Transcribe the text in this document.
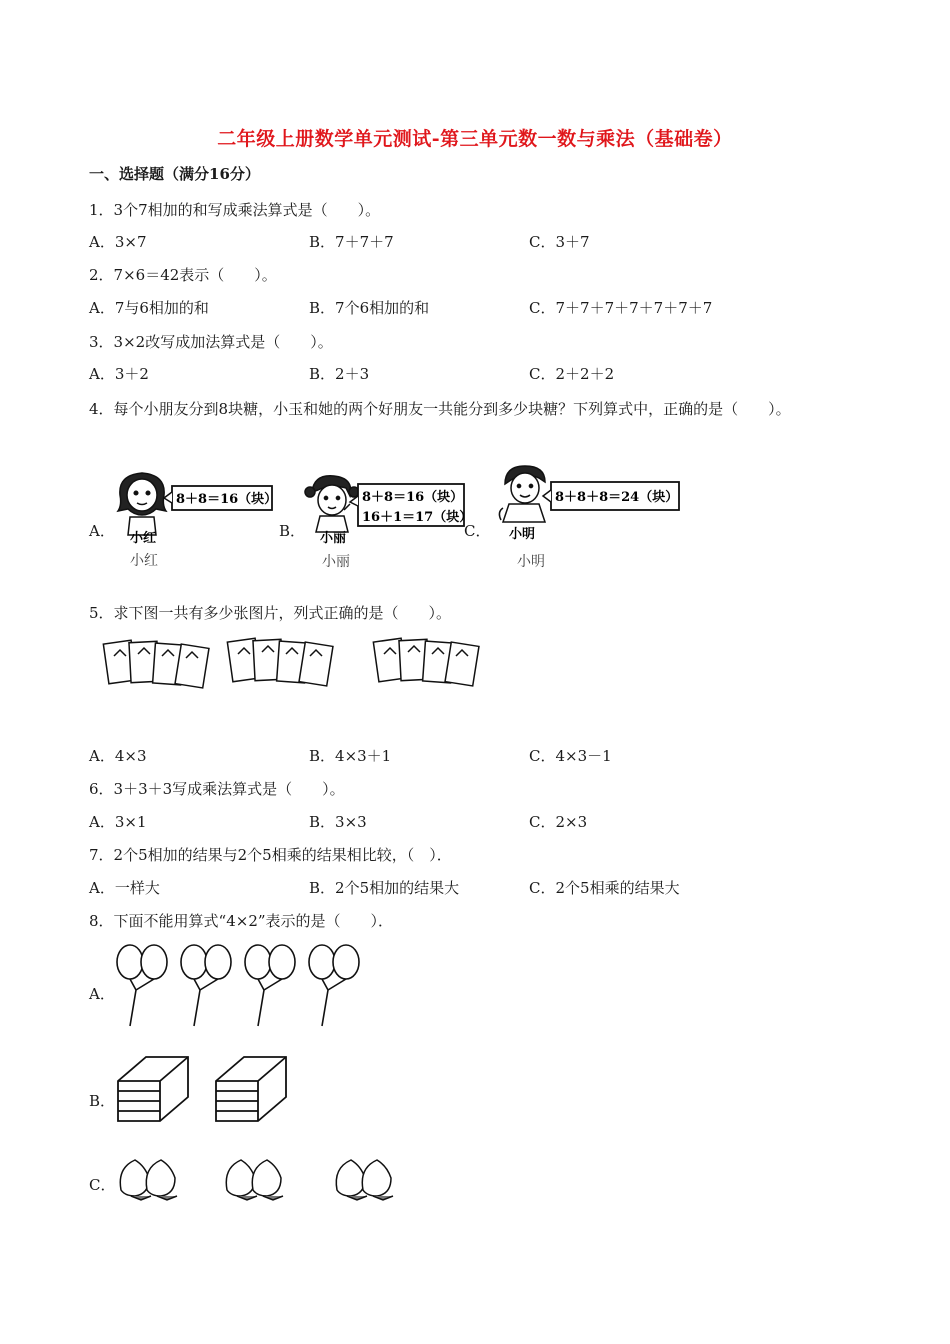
二年级上册数学单元测试-第三单元数一数与乘法（基础卷）
一、选择题（满分16分）
1．3个7相加的和写成乘法算式是（　　）。
A．3×7	B．7＋7＋7	C．3＋7
2．7×6＝42表示（　　）。
A．7与6相加的和	B．7个6相加的和	C．7＋7＋7＋7＋7＋7＋7
3．3×2改写成加法算式是（　　）。
A．3＋2	B．2＋3	C．2＋2＋2
4．每个小朋友分到8块糖，小玉和她的两个好朋友一共能分到多少块糖？下列算式中，正确的是（　　）。
A．	B．	C．
8＋8＝16（块）
小红
小红
8＋8＝16（块）
16＋1＝17（块）
小丽
小丽
8＋8＋8＝24（块）
小明
小明
5．求下图一共有多少张图片，列式正确的是（　　）。
A．4×3	B．4×3＋1	C．4×3－1
6．3＋3＋3写成乘法算式是（　　）。
A．3×1	B．3×3	C．2×3
7．2个5相加的结果与2个5相乘的结果相比较，（　）．
A．一样大	B．2个5相加的结果大	C．2个5相乘的结果大
8．下面不能用算式“4×2”表示的是（　　）．
A．
B．
C．
